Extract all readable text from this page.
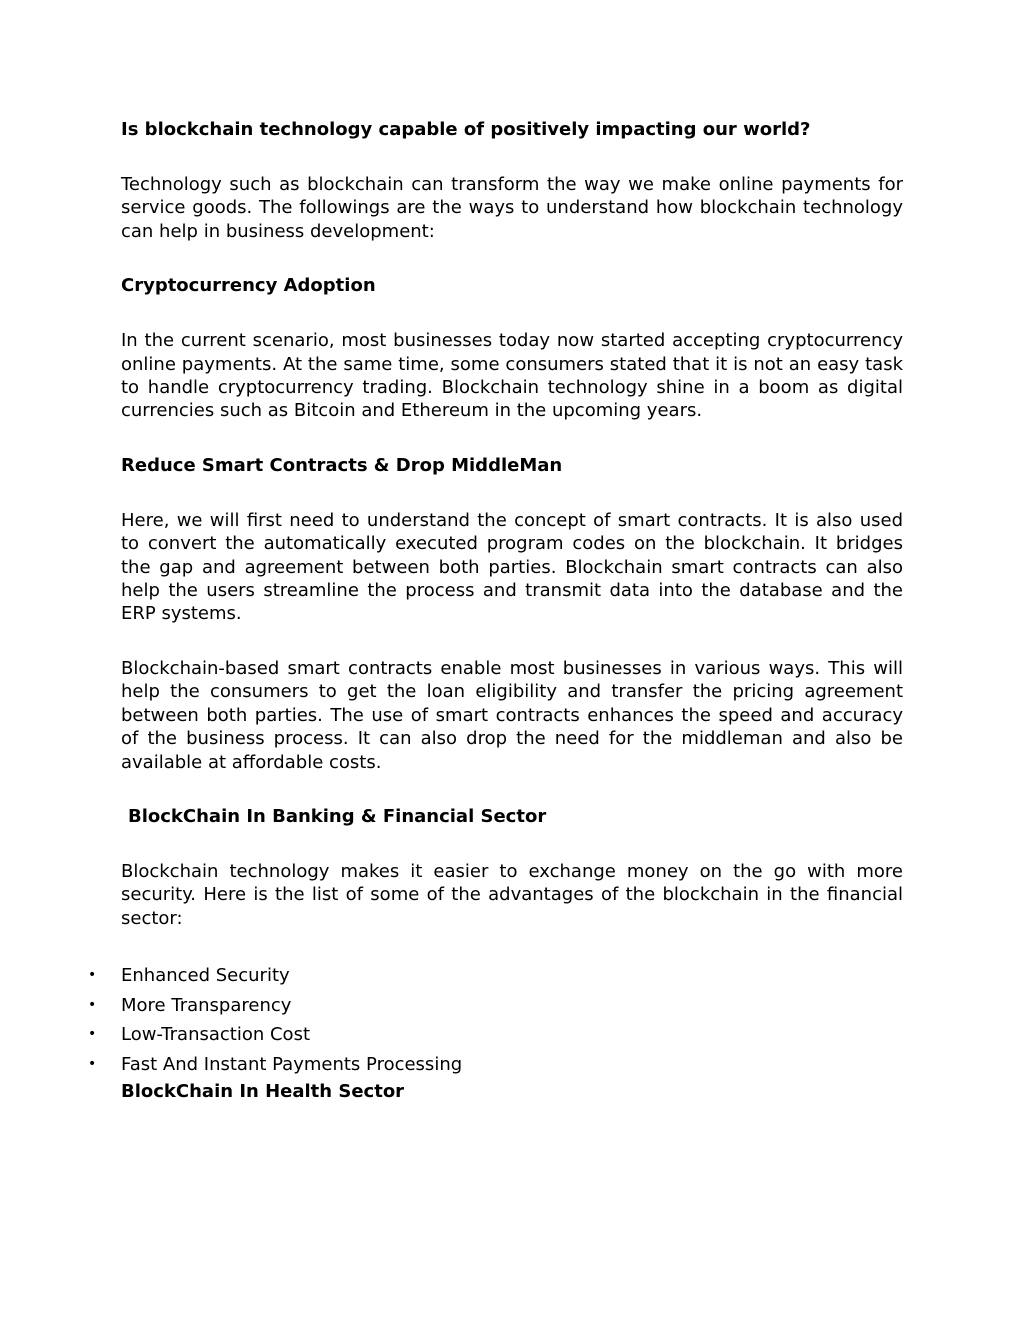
Is blockchain technology capable of positively impacting our world?

Technology such as blockchain can transform the way we make online payments for service goods. The followings are the ways to understand how blockchain technology can help in business development:

Cryptocurrency Adoption

In the current scenario, most businesses today now started accepting cryptocurrency online payments. At the same time, some consumers stated that it is not an easy task to handle cryptocurrency trading. Blockchain technology shine in a boom as digital currencies such as Bitcoin and Ethereum in the upcoming years.

Reduce Smart Contracts & Drop MiddleMan

Here, we will first need to understand the concept of smart contracts. It is also used to convert the automatically executed program codes on the blockchain. It bridges the gap and agreement between both parties. Blockchain smart contracts can also help the users streamline the process and transmit data into the database and the ERP systems.

Blockchain-based smart contracts enable most businesses in various ways. This will help the consumers to get the loan eligibility and transfer the pricing agreement between both parties. The use of smart contracts enhances the speed and accuracy of the business process. It can also drop the need for the middleman and also be available at affordable costs.

BlockChain In Banking & Financial Sector

Blockchain technology makes it easier to exchange money on the go with more security. Here is the list of some of the advantages of the blockchain in the financial sector:

• Enhanced Security
• More Transparency
• Low-Transaction Cost
• Fast And Instant Payments Processing
BlockChain In Health Sector
